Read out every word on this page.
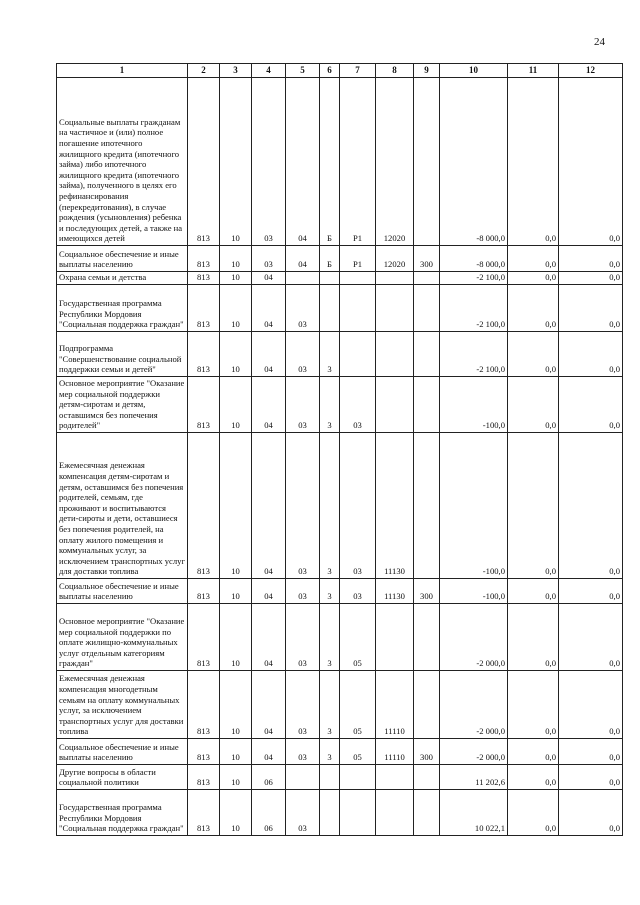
24
1	2	3	4	5	6	7	8	9	10	11	12
Социальные выплаты гражданам на частичное и (или) полное погашение ипотечного жилищного кредита (ипотечного займа) либо ипотечного жилищного кредита (ипотечного займа), полученного в целях его рефинансирования (перекредитования), в случае рождения (усыновления) ребенка и последующих детей, а также на имеющихся детей	813	10	03	04	Б	Р1	12020		-8 000,0	0,0	0,0
Социальное обеспечение и иные выплаты населению	813	10	03	04	Б	Р1	12020	300	-8 000,0	0,0	0,0
Охрана семьи и детства	813	10	04						-2 100,0	0,0	0,0
Государственная программа Республики Мордовия "Социальная поддержка граждан"	813	10	04	03					-2 100,0	0,0	0,0
Подпрограмма "Совершенствование социальной поддержки семьи и детей"	813	10	04	03	3				-2 100,0	0,0	0,0
Основное мероприятие "Оказание мер социальной поддержки детям-сиротам и детям, оставшимся без попечения родителей"	813	10	04	03	3	03			-100,0	0,0	0,0
Ежемесячная денежная компенсация детям-сиротам и детям, оставшимся без попечения родителей, семьям, где проживают и воспитываются дети-сироты и дети, оставшиеся без попечения родителей, на оплату жилого помещения и коммунальных услуг, за исключением транспортных услуг для доставки топлива	813	10	04	03	3	03	11130		-100,0	0,0	0,0
Социальное обеспечение и иные выплаты населению	813	10	04	03	3	03	11130	300	-100,0	0,0	0,0
Основное мероприятие "Оказание мер социальной поддержки по оплате жилищно-коммунальных услуг отдельным категориям граждан"	813	10	04	03	3	05			-2 000,0	0,0	0,0
Ежемесячная денежная компенсация многодетным семьям на оплату коммунальных услуг, за исключением транспортных услуг для доставки топлива	813	10	04	03	3	05	11110		-2 000,0	0,0	0,0
Социальное обеспечение и иные выплаты населению	813	10	04	03	3	05	11110	300	-2 000,0	0,0	0,0
Другие вопросы в области социальной политики	813	10	06						11 202,6	0,0	0,0
Государственная программа Республики Мордовия "Социальная поддержка граждан"	813	10	06	03					10 022,1	0,0	0,0
